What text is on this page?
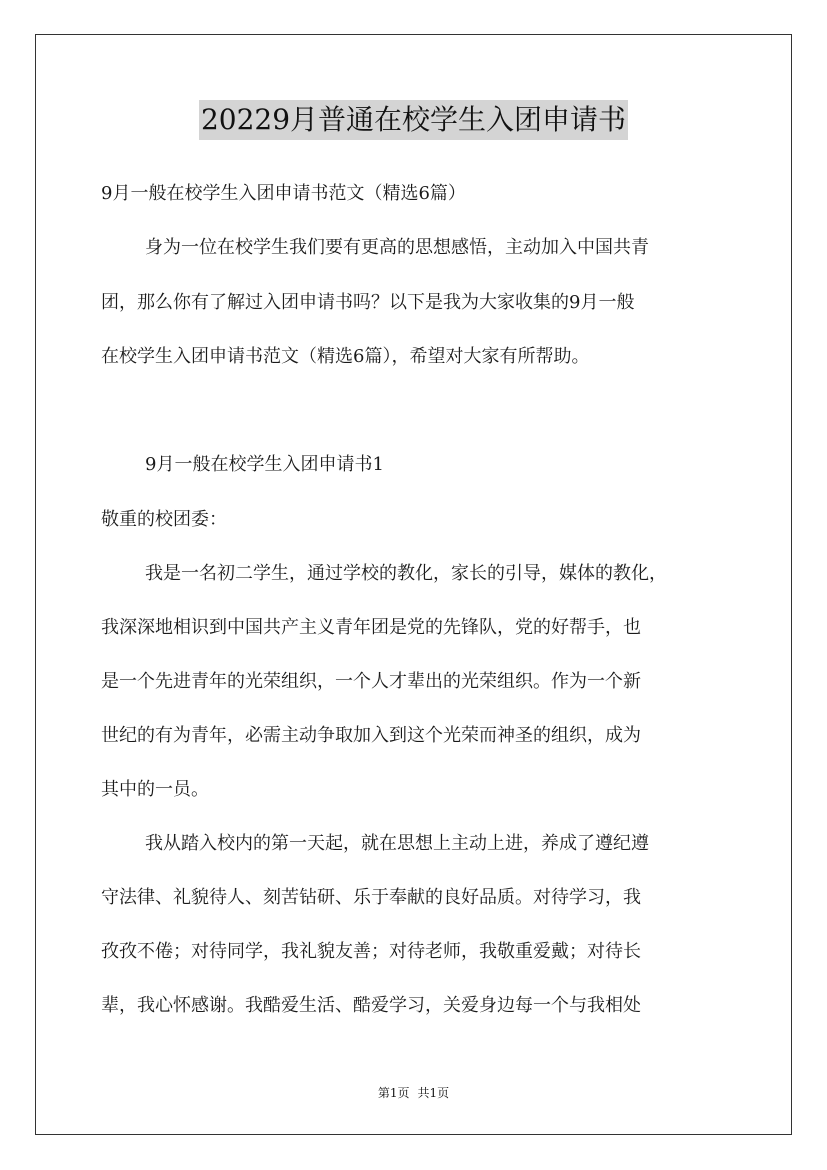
20229月普通在校学生入团申请书
9月一般在校学生入团申请书范文（精选6篇）
身为一位在校学生我们要有更高的思想感悟，主动加入中国共青
团，那么你有了解过入团申请书吗？以下是我为大家收集的9月一般
在校学生入团申请书范文（精选6篇），希望对大家有所帮助。
9月一般在校学生入团申请书1
敬重的校团委：
我是一名初二学生，通过学校的教化，家长的引导，媒体的教化，
我深深地相识到中国共产主义青年团是党的先锋队，党的好帮手，也
是一个先进青年的光荣组织，一个人才辈出的光荣组织。作为一个新
世纪的有为青年，必需主动争取加入到这个光荣而神圣的组织，成为
其中的一员。
我从踏入校内的第一天起，就在思想上主动上进，养成了遵纪遵
守法律、礼貌待人、刻苦钻研、乐于奉献的良好品质。对待学习，我
孜孜不倦；对待同学，我礼貌友善；对待老师，我敬重爱戴；对待长
辈，我心怀感谢。我酷爱生活、酷爱学习，关爱身边每一个与我相处
第1页 共1页
